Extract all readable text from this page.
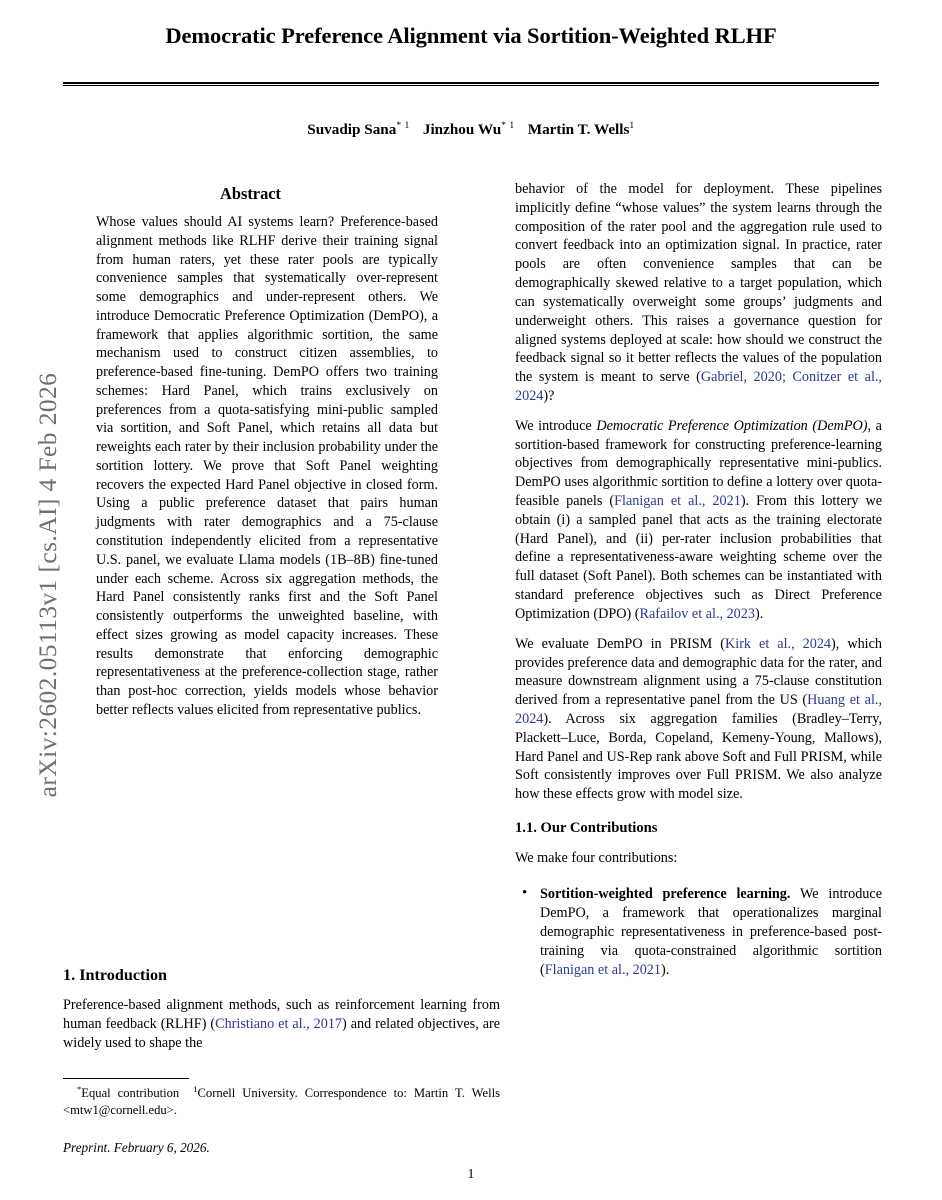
arXiv:2602.05113v1 [cs.AI] 4 Feb 2026
Democratic Preference Alignment via Sortition-Weighted RLHF
Suvadip Sana$^{* 1}$ Jinzhou Wu$^{* 1}$ Martin T. Wells$^1$
Abstract

Whose values should AI systems learn? Preference-based alignment methods like RLHF derive their training signal from human raters, yet these rater pools are typically convenience samples that systematically over-represent some demographics and under-represent others. We introduce Democratic Preference Optimization (DemPO), a framework that applies algorithmic sortition, the same mechanism used to construct citizen assemblies, to preference-based fine-tuning. DemPO offers two training schemes: Hard Panel, which trains exclusively on preferences from a quota-satisfying mini-public sampled via sortition, and Soft Panel, which retains all data but reweights each rater by their inclusion probability under the sortition lottery. We prove that Soft Panel weighting recovers the expected Hard Panel objective in closed form. Using a public preference dataset that pairs human judgments with rater demographics and a 75-clause constitution independently elicited from a representative U.S. panel, we evaluate Llama models (1B–8B) fine-tuned under each scheme. Across six aggregation methods, the Hard Panel consistently ranks first and the Soft Panel consistently outperforms the unweighted baseline, with effect sizes growing as model capacity increases. These results demonstrate that enforcing demographic representativeness at the preference-collection stage, rather than post-hoc correction, yields models whose behavior better reflects values elicited from representative publics.

1. Introduction

Preference-based alignment methods, such as reinforcement learning from human feedback (RLHF) (Christiano et al., 2017) and related objectives, are widely used to shape the

*Equal contribution $^1$Cornell University. Correspondence to: Martin T. Wells <mtw1@cornell.edu>.

Preprint. February 6, 2026.

behavior of the model for deployment. These pipelines implicitly define “whose values” the system learns through the composition of the rater pool and the aggregation rule used to convert feedback into an optimization signal. In practice, rater pools are often convenience samples that can be demographically skewed relative to a target population, which can systematically overweight some groups’ judgments and underweight others. This raises a governance question for aligned systems deployed at scale: how should we construct the feedback signal so it better reflects the values of the population the system is meant to serve (Gabriel, 2020; Conitzer et al., 2024)?

We introduce Democratic Preference Optimization (DemPO), a sortition-based framework for constructing preference-learning objectives from demographically representative mini-publics. DemPO uses algorithmic sortition to define a lottery over quota-feasible panels (Flanigan et al., 2021). From this lottery we obtain (i) a sampled panel that acts as the training electorate (Hard Panel), and (ii) per-rater inclusion probabilities that define a representativeness-aware weighting scheme over the full dataset (Soft Panel). Both schemes can be instantiated with standard preference objectives such as Direct Preference Optimization (DPO) (Rafailov et al., 2023).

We evaluate DemPO in PRISM (Kirk et al., 2024), which provides preference data and demographic data for the rater, and measure downstream alignment using a 75-clause constitution derived from a representative panel from the US (Huang et al., 2024). Across six aggregation families (Bradley–Terry, Plackett–Luce, Borda, Copeland, Kemeny-Young, Mallows), Hard Panel and US-Rep rank above Soft and Full PRISM, while Soft consistently improves over Full PRISM. We also analyze how these effects grow with model size.

1.1. Our Contributions

We make four contributions:

• Sortition-weighted preference learning. We introduce DemPO, a framework that operationalizes marginal demographic representativeness in preference-based post-training via quota-constrained algorithmic sortition (Flanigan et al., 2021).
1
